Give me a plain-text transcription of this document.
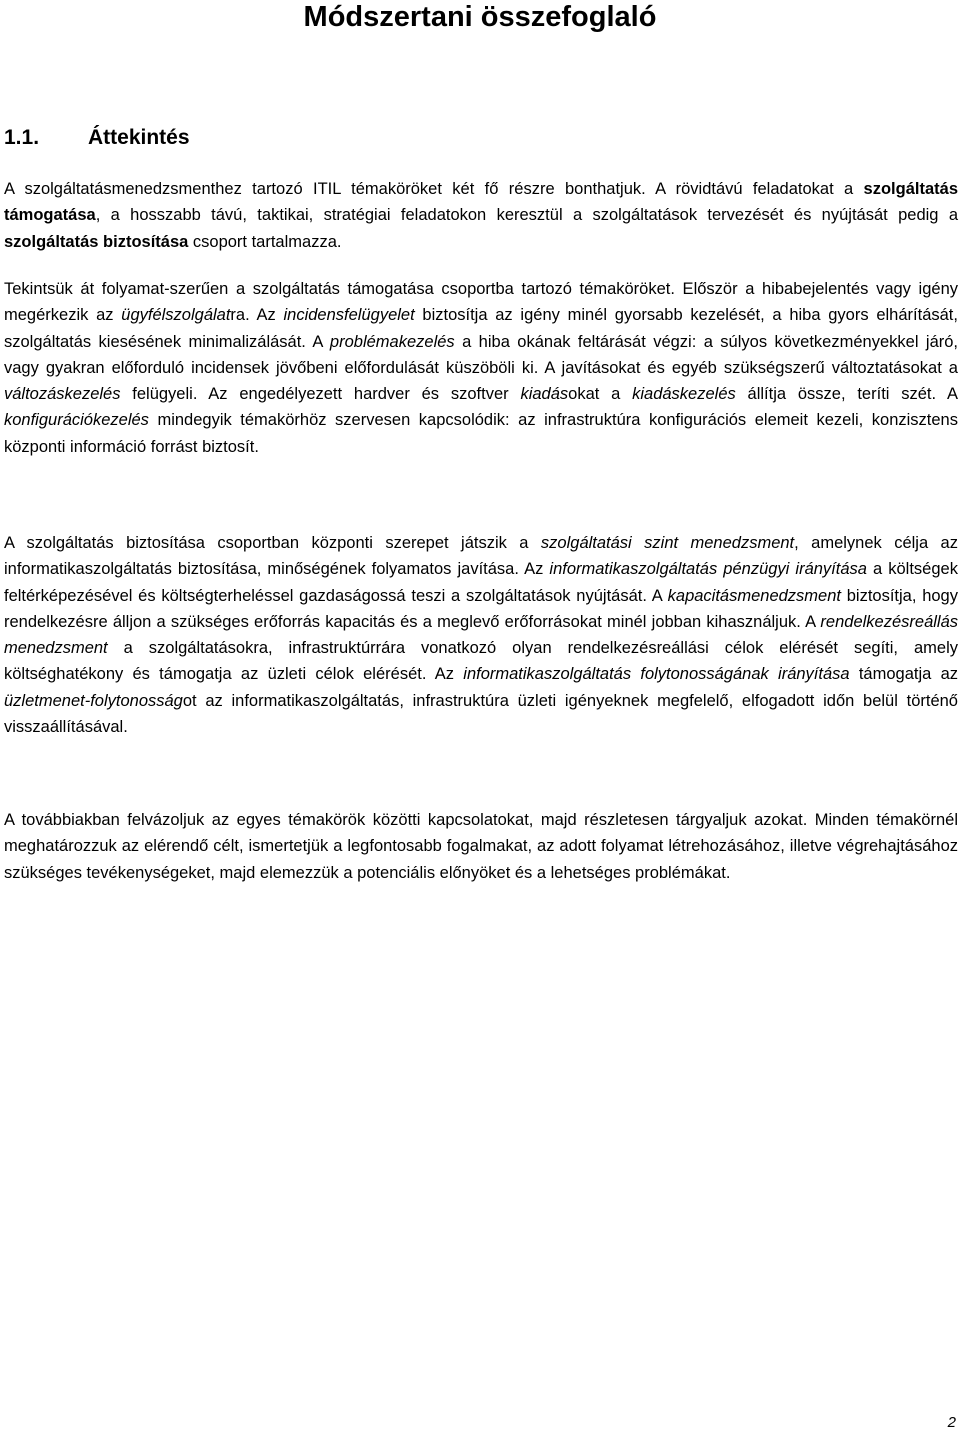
Módszertani összefoglaló
1.1. Áttekintés

A szolgáltatásmenedzsmenthez tartozó ITIL témaköröket két fő részre bonthatjuk. A rövidtávú feladatokat a szolgáltatás támogatása, a hosszabb távú, taktikai, stratégiai feladatokon keresztül a szolgáltatások tervezését és nyújtását pedig a szolgáltatás biztosítása csoport tartalmazza.

Tekintsük át folyamat-szerűen a szolgáltatás támogatása csoportba tartozó témaköröket. Először a hibabejelentés vagy igény megérkezik az ügyfélszolgálatra. Az incidensfelügyelet biztosítja az igény minél gyorsabb kezelését, a hiba gyors elhárítását, szolgáltatás kiesésének minimalizálását. A problémakezelés a hiba okának feltárását végzi: a súlyos következményekkel járó, vagy gyakran előforduló incidensek jövőbeni előfordulását küszöböli ki. A javításokat és egyéb szükségszerű változtatásokat a változáskezelés felügyeli. Az engedélyezett hardver és szoftver kiadásokat a kiadáskezelés állítja össze, teríti szét. A konfigurációkezelés mindegyik témakörhöz szervesen kapcsolódik: az infrastruktúra konfigurációs elemeit kezeli, konzisztens központi információ forrást biztosít.

A szolgáltatás biztosítása csoportban központi szerepet játszik a szolgáltatási szint menedzsment, amelynek célja az informatikaszolgáltatás biztosítása, minőségének folyamatos javítása. Az informatikaszolgáltatás pénzügyi irányítása a költségek feltérképezésével és költségterheléssel gazdaságossá teszi a szolgáltatások nyújtását. A kapacitásmenedzsment biztosítja, hogy rendelkezésre álljon a szükséges erőforrás kapacitás és a meglevő erőforrásokat minél jobban kihasználjuk. A rendelkezésreállás menedzsment a szolgáltatásokra, infrastruktúrrára vonatkozó olyan rendelkezésreállási célok elérését segíti, amely költséghatékony és támogatja az üzleti célok elérését. Az informatikaszolgáltatás folytonosságának irányítása támogatja az üzletmenet-folytonosságot az informatikaszolgáltatás, infrastruktúra üzleti igényeknek megfelelő, elfogadott időn belül történő visszaállításával.

A továbbiakban felvázoljuk az egyes témakörök közötti kapcsolatokat, majd részletesen tárgyaljuk azokat. Minden témakörnél meghatározzuk az elérendő célt, ismertetjük a legfontosabb fogalmakat, az adott folyamat létrehozásához, illetve végrehajtásához szükséges tevékenységeket, majd elemezzük a potenciális előnyöket és a lehetséges problémákat.

2
